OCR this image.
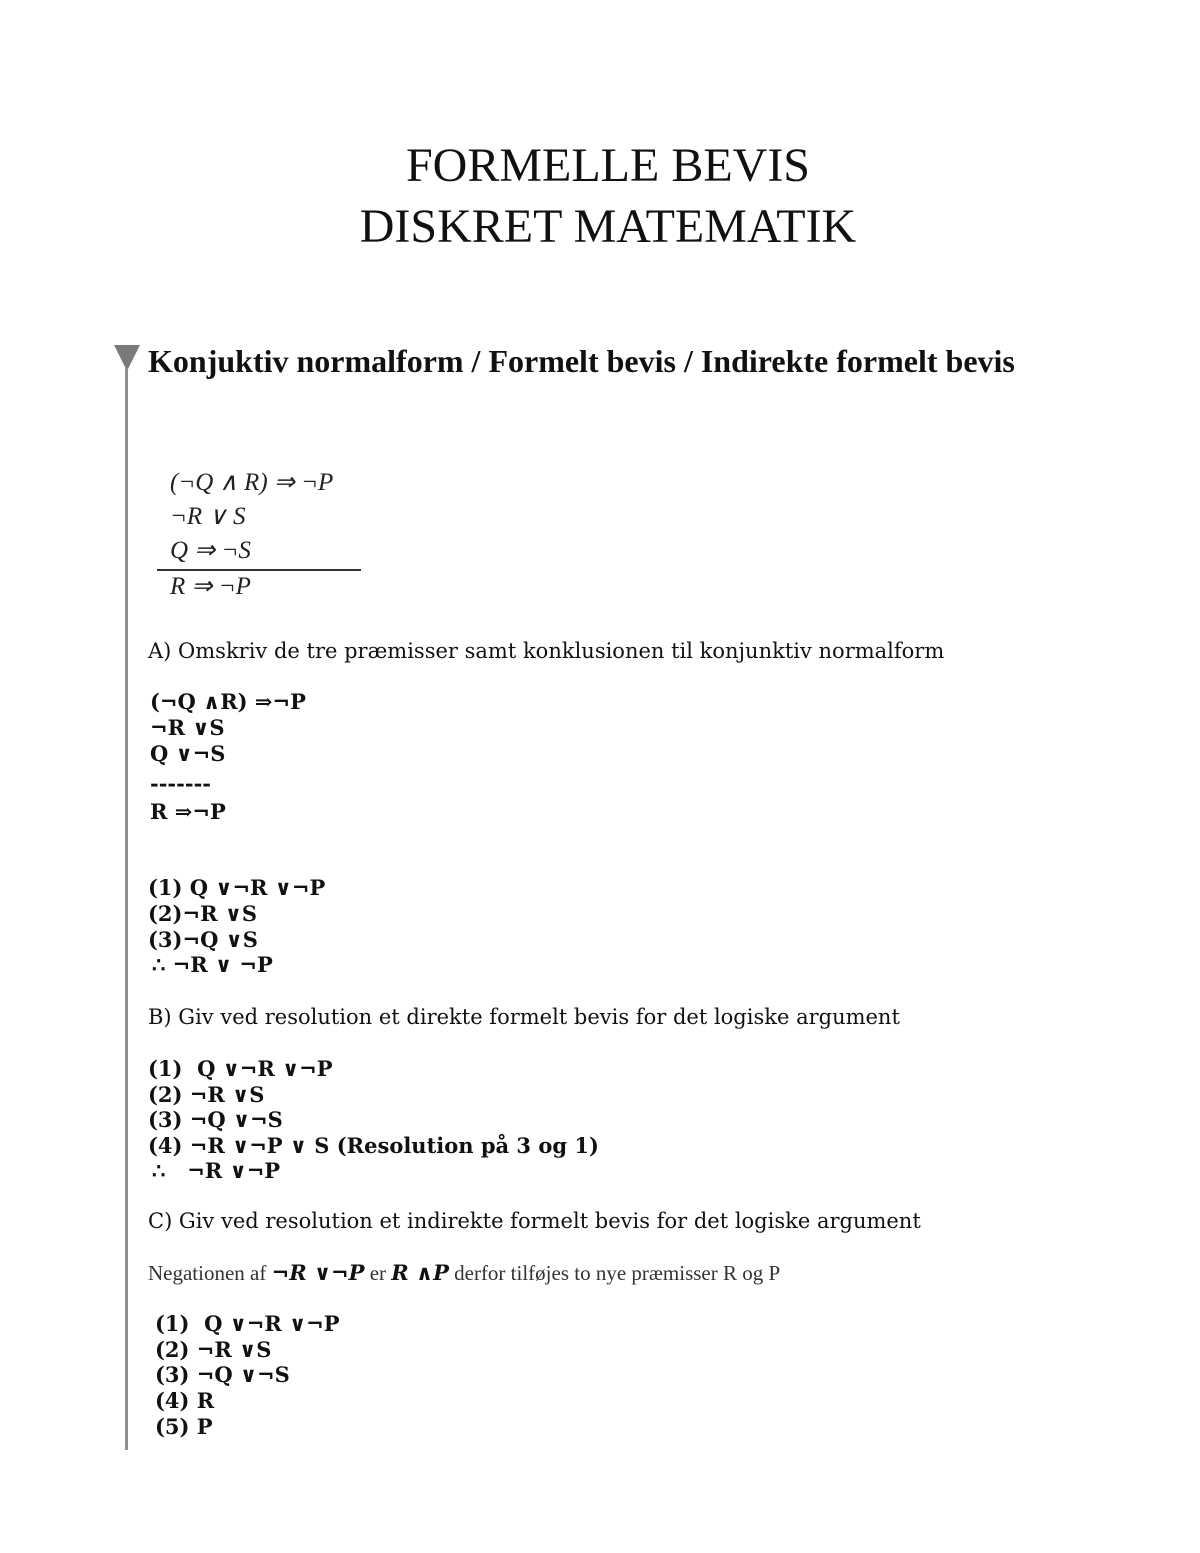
FORMELLE BEVIS
DISKRET MATEMATIK
Konjuktiv normalform / Formelt bevis / Indirekte formelt bevis
(¬Q ∧ R) ⇒ ¬P
¬R ∨ S
Q ⇒ ¬S
R ⇒ ¬P
A) Omskriv de tre præmisser samt konklusionen til konjunktiv normalform
(¬Q ∧R) ⇒¬P
¬R ∨S
Q ∨¬S
-------
R ⇒¬P
(1) Q ∨¬R ∨¬P
(2)¬R ∨S
(3)¬Q ∨S
∴ ¬R ∨ ¬P
B) Giv ved resolution et direkte formelt bevis for det logiske argument
(1)  Q ∨¬R ∨¬P
(2) ¬R ∨S
(3) ¬Q ∨¬S
(4) ¬R ∨¬P ∨ S (Resolution på 3 og 1)
∴   ¬R ∨¬P
C) Giv ved resolution et indirekte formelt bevis for det logiske argument
Negationen af ¬R ∨¬P er R ∧P derfor tilføjes to nye præmisser R og P
(1)  Q ∨¬R ∨¬P
(2) ¬R ∨S
(3) ¬Q ∨¬S
(4) R
(5) P
